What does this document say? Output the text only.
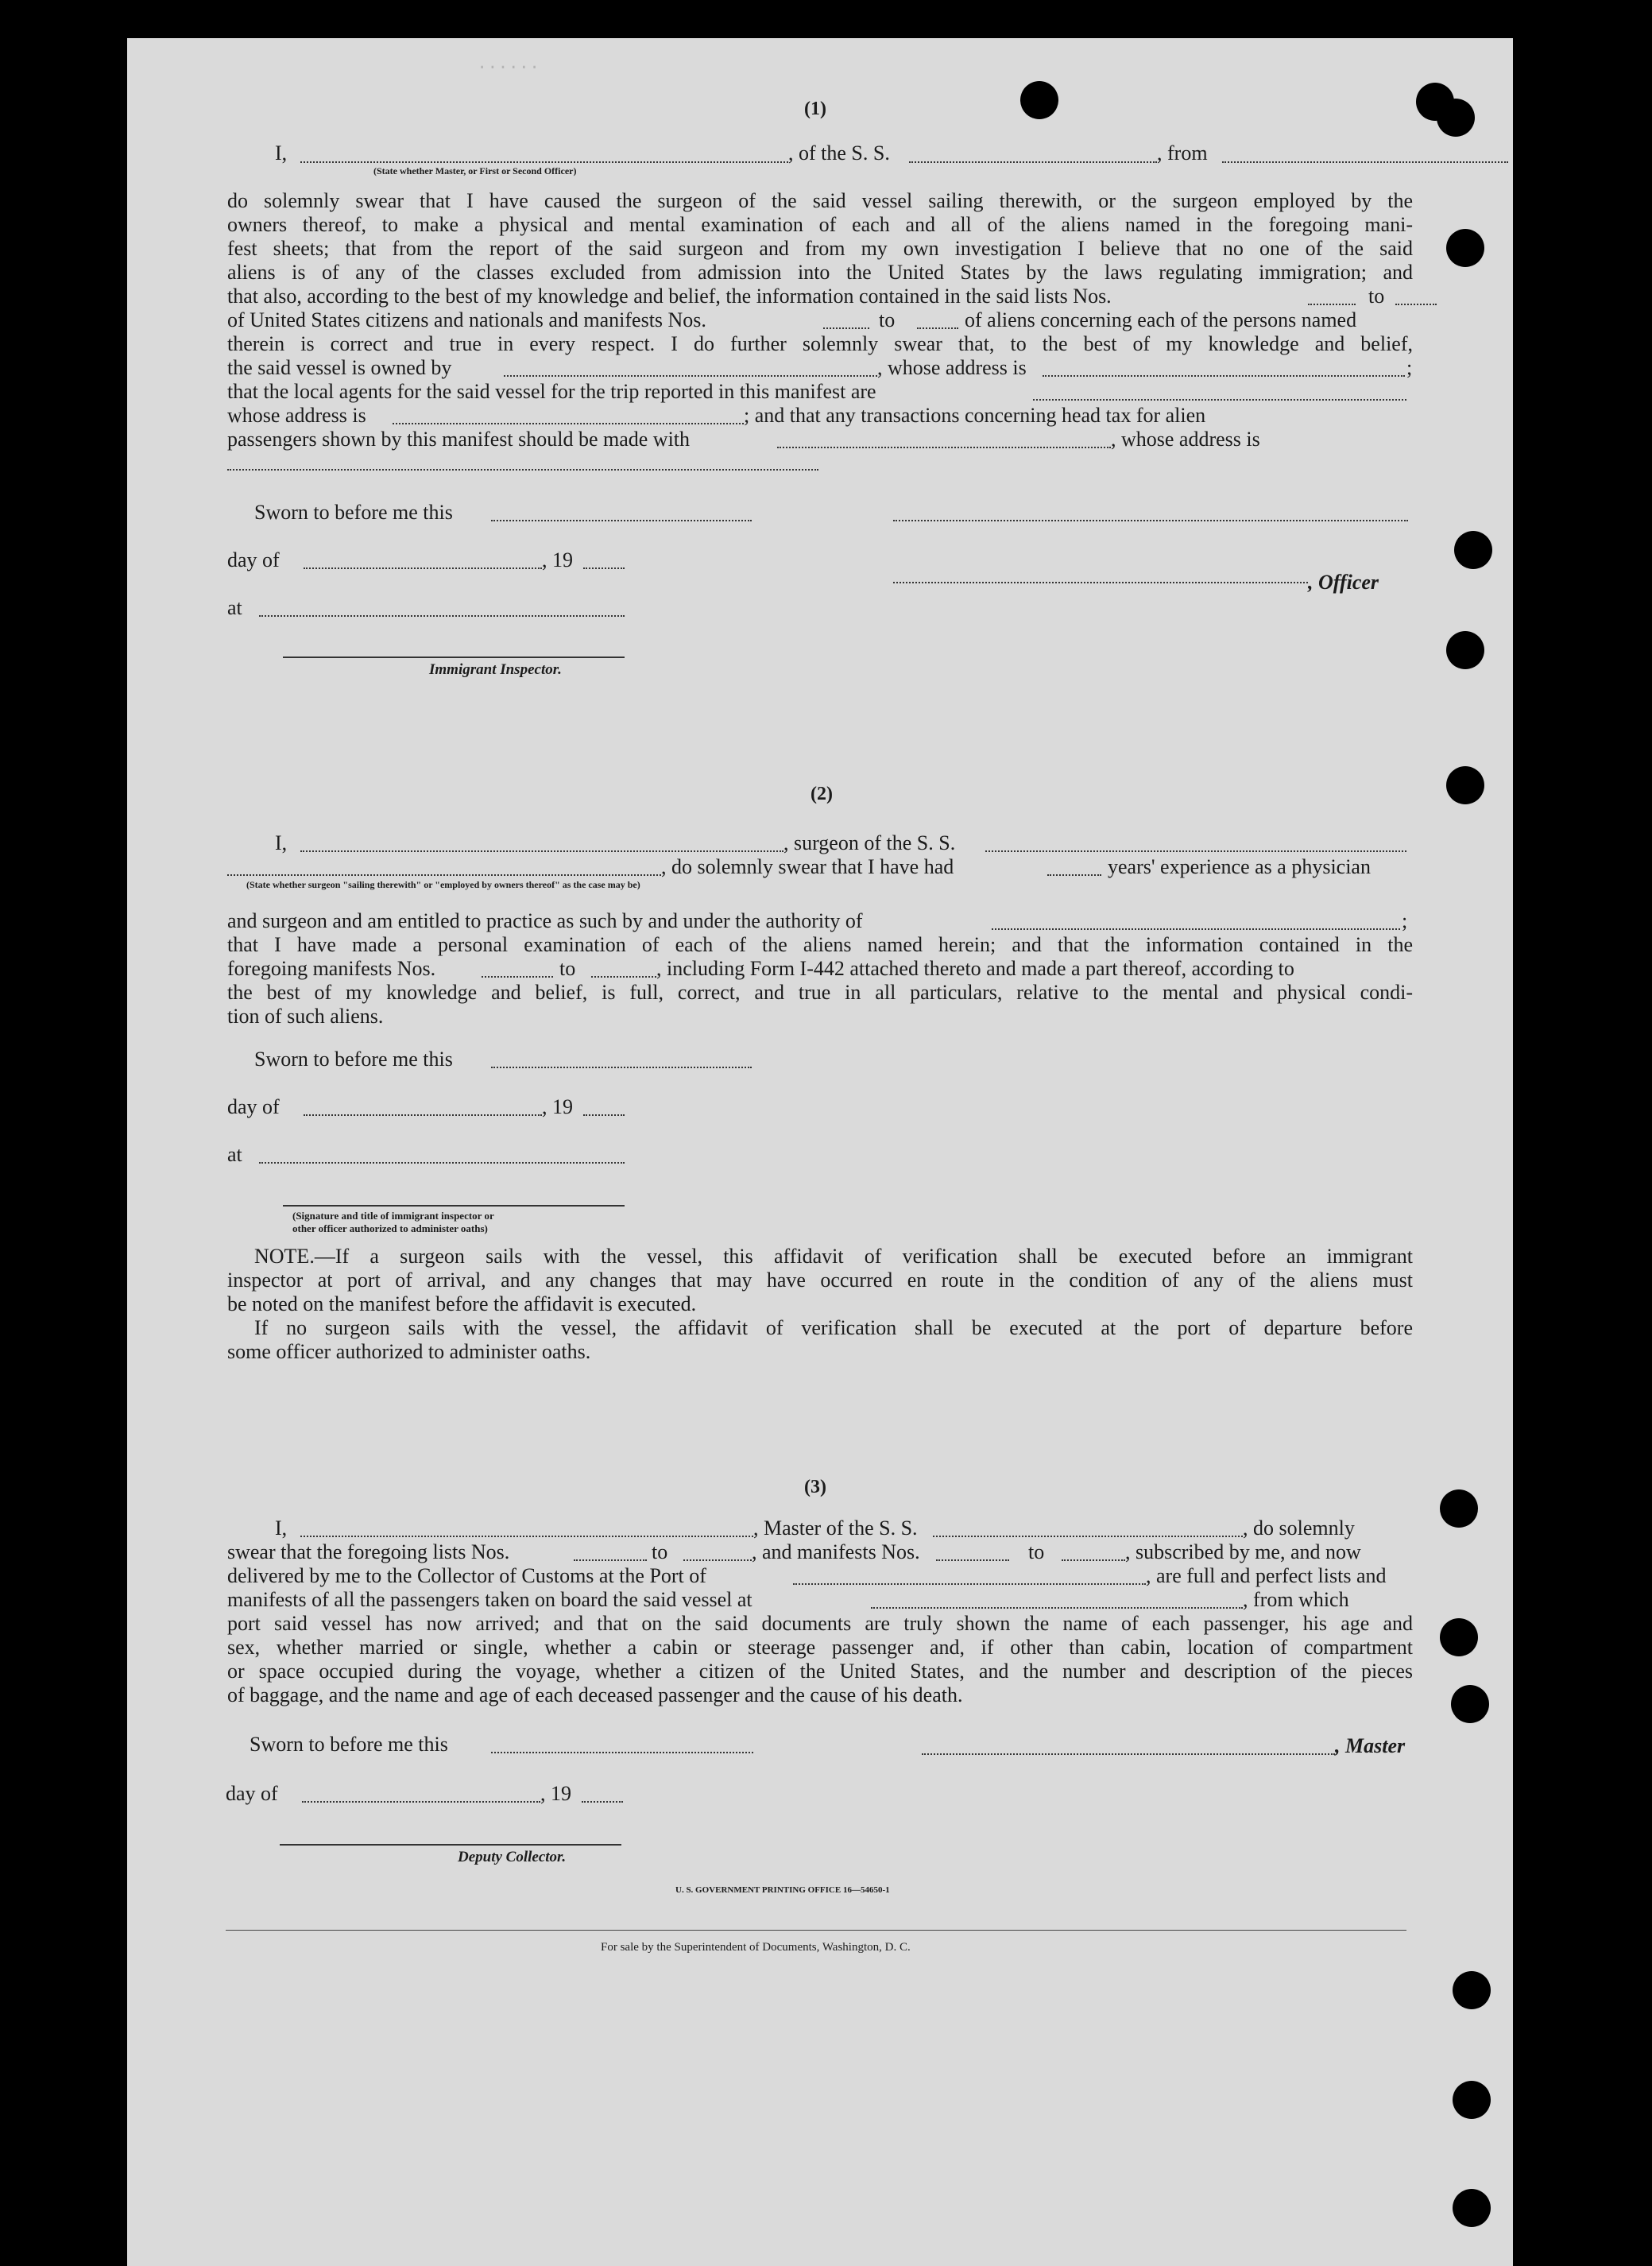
......
(1)
I,
(State whether Master, or First or Second Officer)
, of the S. S.	, from

do solemnly swear that I have caused the surgeon of the said vessel sailing therewith, or the surgeon employed by the

owners thereof, to make a physical and mental examination of each and all of the aliens named in the foregoing mani-

fest sheets; that from the report of the said surgeon and from my own investigation I believe that no one of the said

aliens is of any of the classes excluded from admission into the United States by the laws regulating immigration; and

that also, according to the best of my knowledge and belief, the information contained in the said lists Nos.	to
of United States citizens and nationals and manifests Nos.	to	of aliens concerning each of the persons named

therein is correct and true in every respect. I do further solemnly swear that, to the best of my knowledge and belief,

the said vessel is owned by	, whose address is	;
that the local agents for the said vessel for the trip reported in this manifest are
whose address is	; and that any transactions concerning head tax for alien
passengers shown by this manifest should be made with	, whose address is
Sworn to before me this
day of	, 19
, Officer
at
Immigrant Inspector.
(2)
I,	, surgeon of the S. S.
(State whether surgeon "sailing therewith" or "employed by owners thereof" as the case may be)
, do solemnly swear that I have had	years' experience as a physician
and surgeon and am entitled to practice as such by and under the authority of	;

that I have made a personal examination of each of the aliens named herein; and that the information contained in the

foregoing manifests Nos.	to	, including Form I-442 attached thereto and made a part thereof, according to

the best of my knowledge and belief, is full, correct, and true in all particulars, relative to the mental and physical condi-

tion of such aliens.

Sworn to before me this
day of	, 19
at
(Signature and title of immigrant inspector or
other officer authorized to administer oaths)

NOTE.—If a surgeon sails with the vessel, this affidavit of verification shall be executed before an immigrant

inspector at port of arrival, and any changes that may have occurred en route in the condition of any of the aliens must

be noted on the manifest before the affidavit is executed.

If no surgeon sails with the vessel, the affidavit of verification shall be executed at the port of departure before

some officer authorized to administer oaths.

(3)
I,	, Master of the S. S.	, do solemnly
swear that the foregoing lists Nos.	to	, and manifests Nos.	to	, subscribed by me, and now
delivered by me to the Collector of Customs at the Port of	, are full and perfect lists and
manifests of all the passengers taken on board the said vessel at	, from which

port said vessel has now arrived; and that on the said documents are truly shown the name of each passenger, his age and

sex, whether married or single, whether a cabin or steerage passenger and, if other than cabin, location of compartment

or space occupied during the voyage, whether a citizen of the United States, and the number and description of the pieces

of baggage, and the name and age of each deceased passenger and the cause of his death.

Sworn to before me this	, Master
day of	, 19
Deputy Collector.
U. S. GOVERNMENT PRINTING OFFICE 16—54650-1
For sale by the Superintendent of Documents, Washington, D. C.
